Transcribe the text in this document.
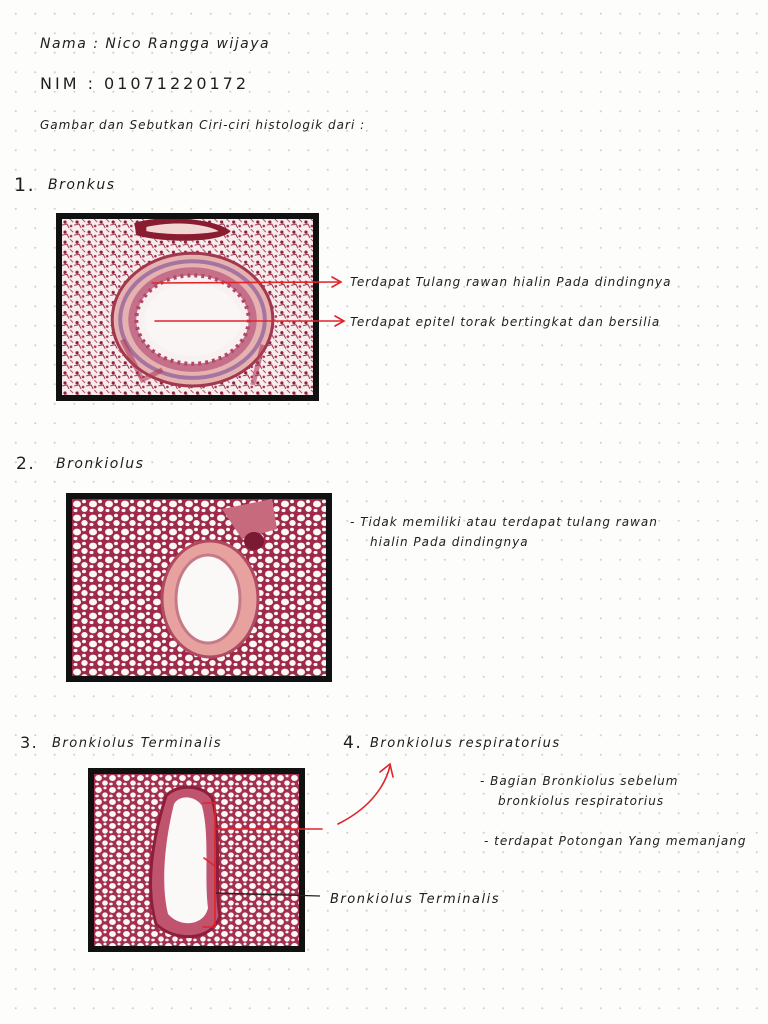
Nama : Nico Rangga wijaya
NIM : 01071220172
Gambar dan Sebutkan Ciri-ciri histologik dari :
1. Bronkus
Terdapat Tulang rawan hialin Pada dindingnya
Terdapat epitel torak bertingkat dan bersilia
2. Bronkiolus
- Tidak memiliki atau terdapat tulang rawan
hialin Pada dindingnya
3. Bronkiolus Terminalis	4. Bronkiolus respiratorius
- Bagian Bronkiolus sebelum
bronkiolus respiratorius
- terdapat Potongan Yang memanjang
Bronkiolus Terminalis
